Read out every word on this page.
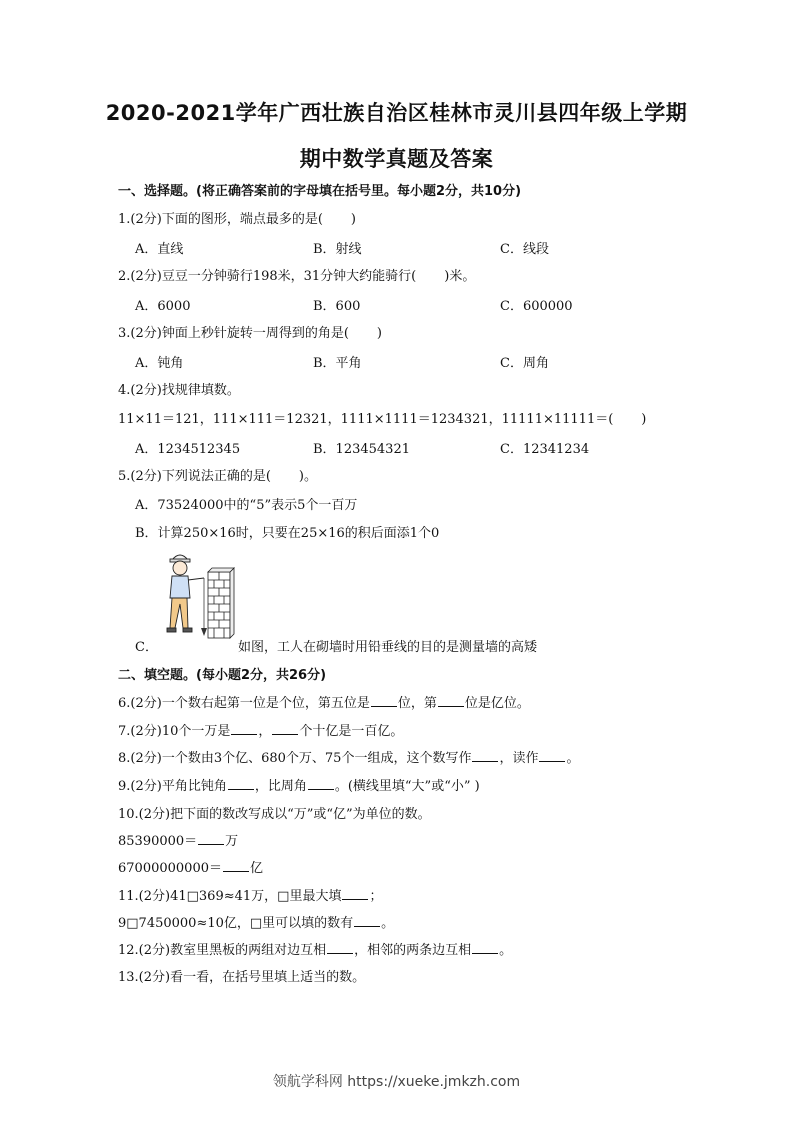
2020-2021学年广西壮族自治区桂林市灵川县四年级上学期
期中数学真题及答案
一、选择题。(将正确答案前的字母填在括号里。每小题2分，共10分)
1.(2分)下面的图形，端点最多的是( )
A．直线	B．射线	C．线段
2.(2分)豆豆一分钟骑行198米，31分钟大约能骑行( )米。
A．6000	B．600	C．600000
3.(2分)钟面上秒针旋转一周得到的角是( )
A．钝角	B．平角	C．周角
4.(2分)找规律填数。
11×11＝121，111×111＝12321，1111×1111＝1234321，11111×11111＝( )
A．1234512345	B．123454321	C．12341234
5.(2分)下列说法正确的是( )。
A．73524000中的“5”表示5个一百万
B．计算250×16时，只要在25×16的积后面添1个0
C．	如图，工人在砌墙时用铅垂线的目的是测量墙的高矮
二、填空题。(每小题2分，共26分)
6.(2分)一个数右起第一位是个位，第五位是 位，第 位是亿位。
7.(2分)10个一万是 ， 个十亿是一百亿。
8.(2分)一个数由3个亿、680个万、75个一组成，这个数写作 ，读作 。
9.(2分)平角比钝角 ，比周角 。(横线里填“大”或“小” )
10.(2分)把下面的数改写成以“万”或“亿”为单位的数。
85390000＝ 万
67000000000＝ 亿
11.(2分)41□369≈41万，□里最大填 ；
9□7450000≈10亿，□里可以填的数有 。
12.(2分)教室里黑板的两组对边互相 ，相邻的两条边互相 。
13.(2分)看一看，在括号里填上适当的数。
领航学科网 https://xueke.jmkzh.com
